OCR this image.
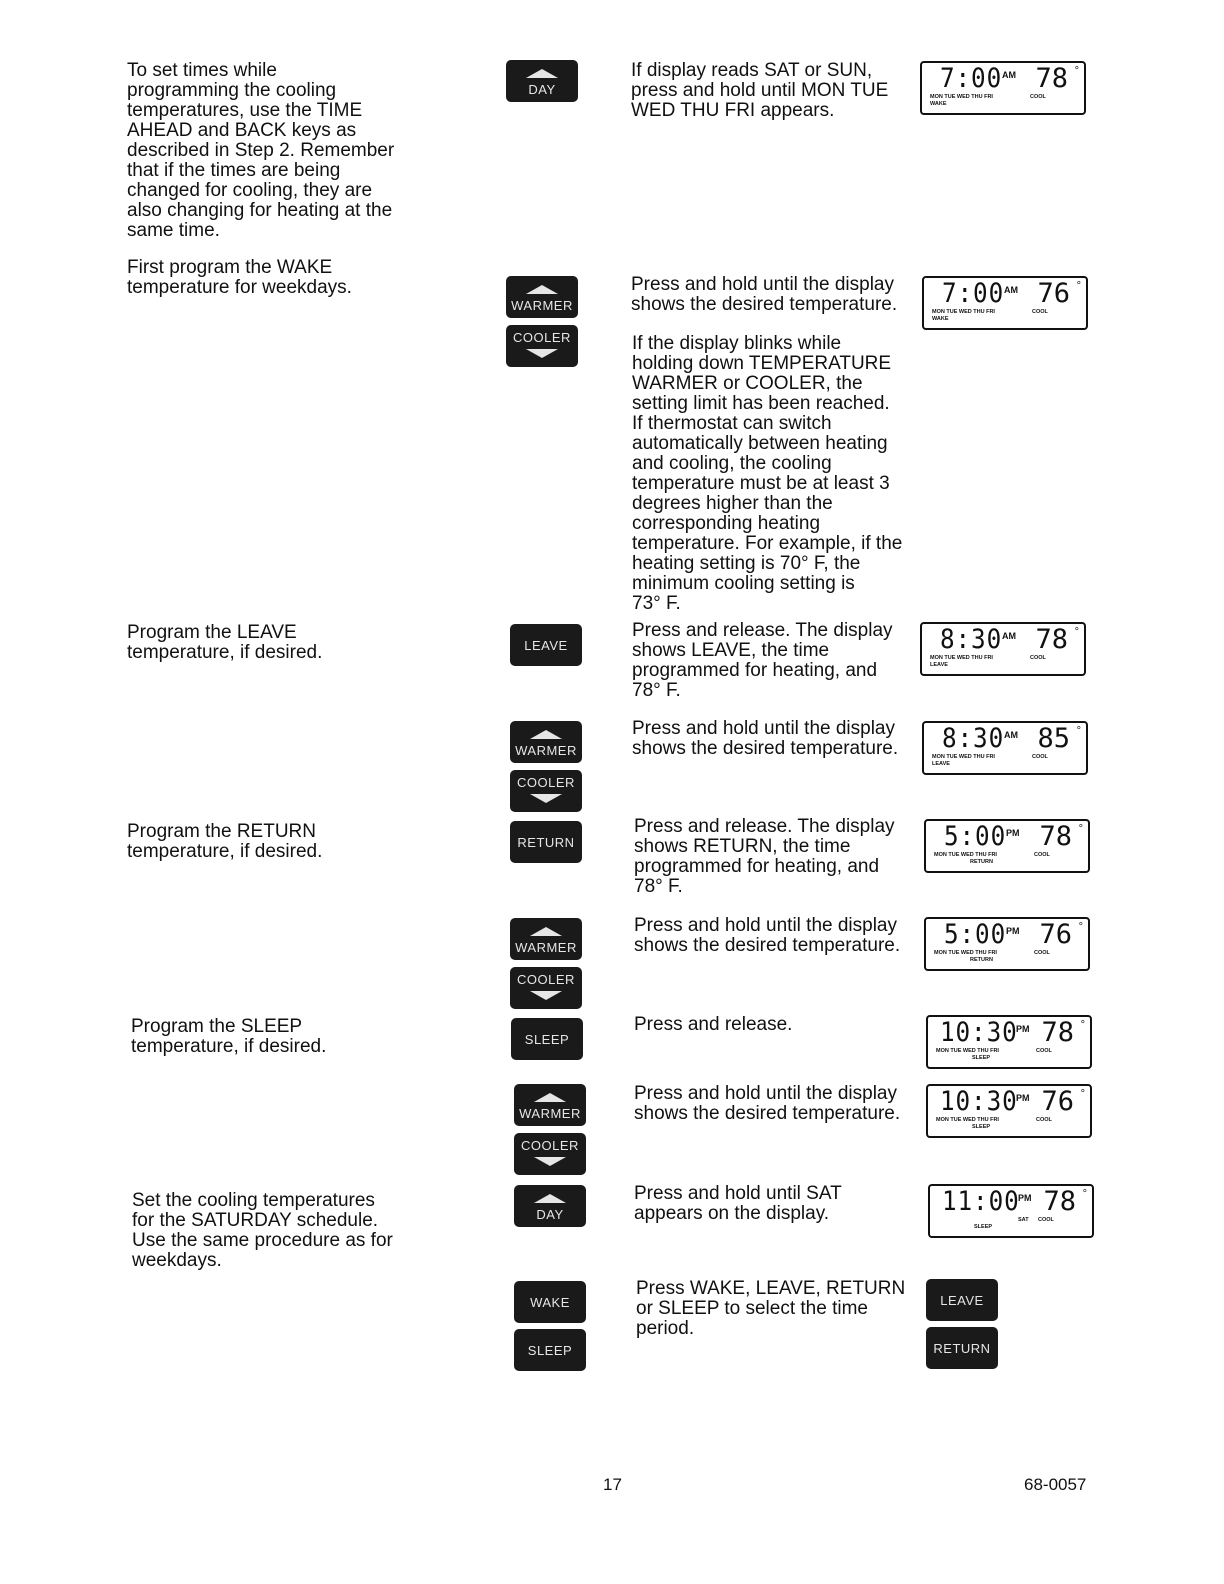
To set times while
programming the cooling
temperatures, use the TIME
AHEAD and BACK keys as
described in Step 2. Remember
that if the times are being
changed for cooling, they are
also changing for heating at the
same time.
First program the WAKE
temperature for weekdays.
Program the LEAVE
temperature, if desired.
Program the RETURN
temperature, if desired.
Program the SLEEP
temperature, if desired.
Set the cooling temperatures
for the SATURDAY schedule.
Use the same procedure as for
weekdays.
DAY
WARMER
COOLER
LEAVE
WARMER
COOLER
RETURN
WARMER
COOLER
SLEEP
WARMER
COOLER
DAY
WAKE
SLEEP
If display reads SAT or SUN,
press and hold until MON TUE
WED THU FRI appears.
Press and hold until the display
shows the desired temperature.
If the display blinks while
holding down TEMPERATURE
WARMER or COOLER, the
setting limit has been reached.
If thermostat can switch
automatically between heating
and cooling, the cooling
temperature must be at least 3
degrees higher than the
corresponding heating
temperature. For example, if the
heating setting is 70° F, the
minimum cooling setting is
73° F.
Press and release. The display
shows LEAVE, the time
programmed for heating, and
78° F.
Press and hold until the display
shows the desired temperature.
Press and release. The display
shows RETURN, the time
programmed for heating, and
78° F.
Press and hold until the display
shows the desired temperature.
Press and release.
Press and hold until the display
shows the desired temperature.
Press and hold until SAT
appears on the display.
Press WAKE, LEAVE, RETURN
or SLEEP to select the time
period.
7:00 AM 78 °
MON TUE WED THU FRI	COOL
WAKE
7:00 AM 76 °
MON TUE WED THU FRI	COOL
WAKE
8:30 AM 78 °
MON TUE WED THU FRI	COOL
LEAVE
8:30 AM 85 °
MON TUE WED THU FRI	COOL
LEAVE
5:00 PM 78 °
MON TUE WED THU FRI	COOL
RETURN
5:00 PM 76 °
MON TUE WED THU FRI	COOL
RETURN
10:30
PM 78 °
MON TUE WED THU FRI	COOL
SLEEP
10:30
PM 76 °
MON TUE WED THU FRI	COOL
SLEEP
11:00
PM 78 °
SAT COOL
SLEEP
LEAVE
RETURN
17	68-0057
